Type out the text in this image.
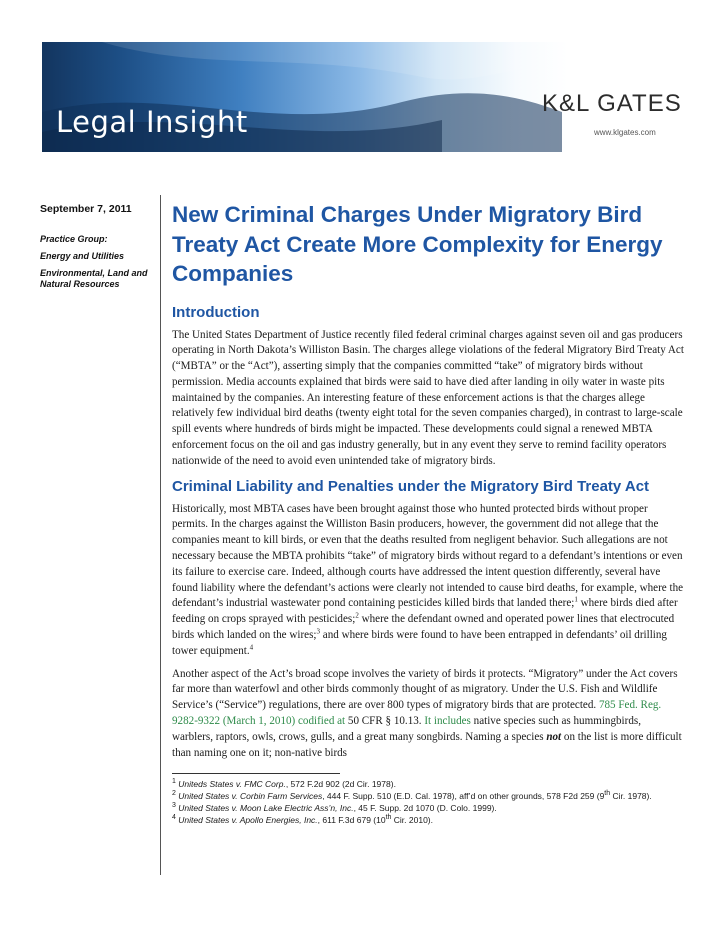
Legal Insight
K&L GATES
www.klgates.com
September 7, 2011
Practice Group:
Energy and Utilities
Environmental, Land and Natural Resources
New Criminal Charges Under Migratory Bird Treaty Act Create More Complexity for Energy Companies
Introduction

The United States Department of Justice recently filed federal criminal charges against seven oil and gas producers operating in North Dakota’s Williston Basin. The charges allege violations of the federal Migratory Bird Treaty Act (“MBTA” or the “Act”), asserting simply that the companies committed “take” of migratory birds without permission. Media accounts explained that birds were said to have died after landing in oily water in waste pits maintained by the companies. An interesting feature of these enforcement actions is that the charges allege relatively few individual bird deaths (twenty eight total for the seven companies charged), in contrast to large-scale spill events where hundreds of birds might be impacted. These developments could signal a renewed MBTA enforcement focus on the oil and gas industry generally, but in any event they serve to remind facility operators nationwide of the need to avoid even unintended take of migratory birds.

Criminal Liability and Penalties under the Migratory Bird Treaty Act

Historically, most MBTA cases have been brought against those who hunted protected birds without proper permits. In the charges against the Williston Basin producers, however, the government did not allege that the companies meant to kill birds, or even that the deaths resulted from negligent behavior. Such allegations are not necessary because the MBTA prohibits “take” of migratory birds without regard to a defendant’s intentions or even its failure to exercise care. Indeed, although courts have addressed the intent question differently, several have found liability where the defendant’s actions were clearly not intended to cause bird deaths, for example, where the defendant’s industrial wastewater pond containing pesticides killed birds that landed there;$^1$ where birds died after feeding on crops sprayed with pesticides;$^2$ where the defendant owned and operated power lines that electrocuted birds which landed on the wires;$^3$ and where birds were found to have been entrapped in defendants’ oil drilling tower equipment.$^4$

Another aspect of the Act’s broad scope involves the variety of birds it protects. “Migratory” under the Act covers far more than waterfowl and other birds commonly thought of as migratory. Under the U.S. Fish and Wildlife Service’s (“Service”) regulations, there are over 800 types of migratory birds that are protected. 785 Fed. Reg. 9282-9322 (March 1, 2010) codified at 50 CFR § 10.13. It includes native species such as hummingbirds, warblers, raptors, owls, crows, gulls, and a great many songbirds. Naming a species not on the list is more difficult than naming one on it; non-native birds

$^1$ Uniteds States v. FMC Corp., 572 F.2d 902 (2d Cir. 1978).
$^2$ United States v. Corbin Farm Services, 444 F. Supp. 510 (E.D. Cal. 1978), aff’d on other grounds, 578 F2d 259 (9th Cir. 1978).
$^3$ United States v. Moon Lake Electric Ass’n, Inc., 45 F. Supp. 2d 1070 (D. Colo. 1999).
$^4$ United States v. Apollo Energies, Inc., 611 F.3d 679 (10th Cir. 2010).
